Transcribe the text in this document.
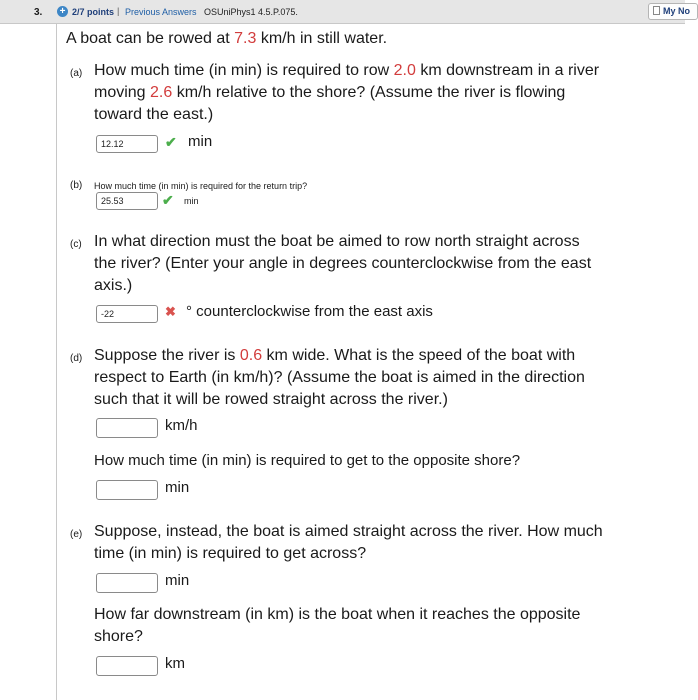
3. + 2/7 points | Previous Answers OSUniPhys1 4.5.P.075.	My No
A boat can be rowed at 7.3 km/h in still water.
(a) How much time (in min) is required to row 2.0 km downstream in a river
moving 2.6 km/h relative to the shore? (Assume the river is flowing
toward the east.)
12.12	✔ min
(b)	How much time (in min) is required for the return trip?
25.53	✔ min
(c) In what direction must the boat be aimed to row north straight across
the river? (Enter your angle in degrees counterclockwise from the east
axis.)
-22	✖ ° counterclockwise from the east axis
(d) Suppose the river is 0.6 km wide. What is the speed of the boat with
respect to Earth (in km/h)? (Assume the boat is aimed in the direction
such that it will be rowed straight across the river.)
km/h
How much time (in min) is required to get to the opposite shore?
min
(e) Suppose, instead, the boat is aimed straight across the river. How much
time (in min) is required to get across?
min
How far downstream (in km) is the boat when it reaches the opposite
shore?
km
